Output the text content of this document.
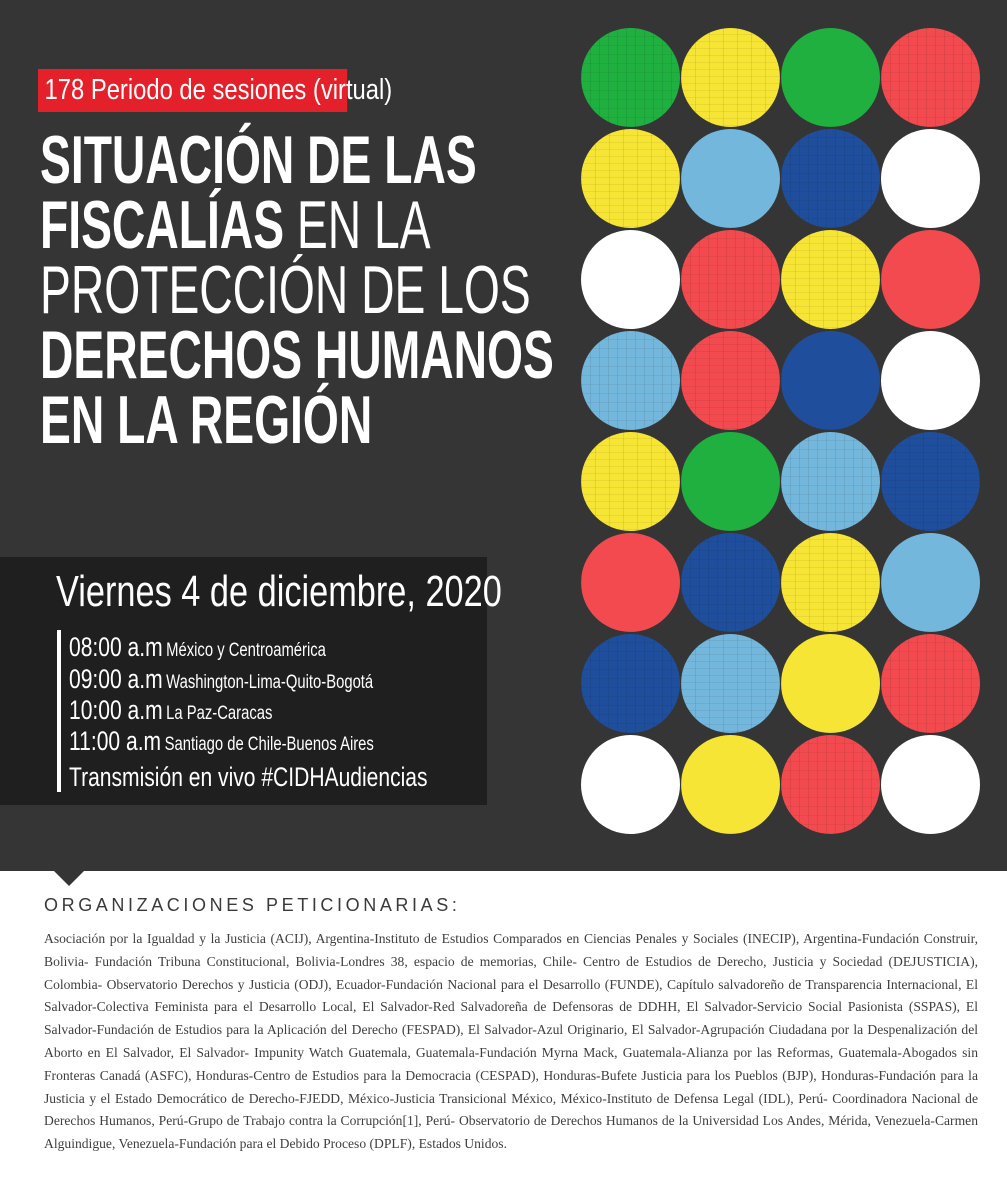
178 Periodo de sesiones (virtual)
SITUACIÓN DE LAS
FISCALÍAS EN LA
PROTECCIÓN DE LOS
DERECHOS HUMANOS
EN LA REGIÓN
Viernes 4 de diciembre, 2020
08:00 a.m México y Centroamérica
09:00 a.m Washington-Lima-Quito-Bogotá
10:00 a.m La Paz-Caracas
11:00 a.m Santiago de Chile-Buenos Aires
Transmisión en vivo #CIDHAudiencias
ORGANIZACIONES PETICIONARIAS:

Asociación por la Igualdad y la Justicia (ACIJ), Argentina-Instituto de Estudios Comparados en Ciencias Penales y Sociales (INECIP), Argentina-Fundación Construir, Bolivia- Fundación Tribuna Constitucional, Bolivia-Londres 38, espacio de memorias, Chile- Centro de Estudios de Derecho, Justicia y Sociedad (DEJUSTICIA), Colombia- Observatorio Derechos y Justicia (ODJ), Ecuador-Fundación Nacional para el Desarrollo (FUNDE), Capítulo salvadoreño de Transparencia Internacional, El Salvador-Colectiva Feminista para el Desarrollo Local, El Salvador-Red Salvadoreña de Defensoras de DDHH, El Salvador-Servicio Social Pasionista (SSPAS), El Salvador-Fundación de Estudios para la Aplicación del Derecho (FESPAD), El Salvador-Azul Originario, El Salvador-Agrupación Ciudadana por la Despenalización del Aborto en El Salvador, El Salvador- Impunity Watch Guatemala, Guatemala-Fundación Myrna Mack, Guatemala-Alianza por las Reformas, Guatemala-Abogados sin Fronteras Canadá (ASFC), Honduras-Centro de Estudios para la Democracia (CESPAD), Honduras-Bufete Justicia para los Pueblos (BJP), Honduras-Fundación para la Justicia y el Estado Democrático de Derecho-FJEDD, México-Justicia Transicional México, México-Instituto de Defensa Legal (IDL), Perú- Coordinadora Nacional de Derechos Humanos, Perú-Grupo de Trabajo contra la Corrupción[1], Perú- Observatorio de Derechos Humanos de la Universidad Los Andes, Mérida, Venezuela-Carmen Alguindigue, Venezuela-Fundación para el Debido Proceso (DPLF), Estados Unidos.
